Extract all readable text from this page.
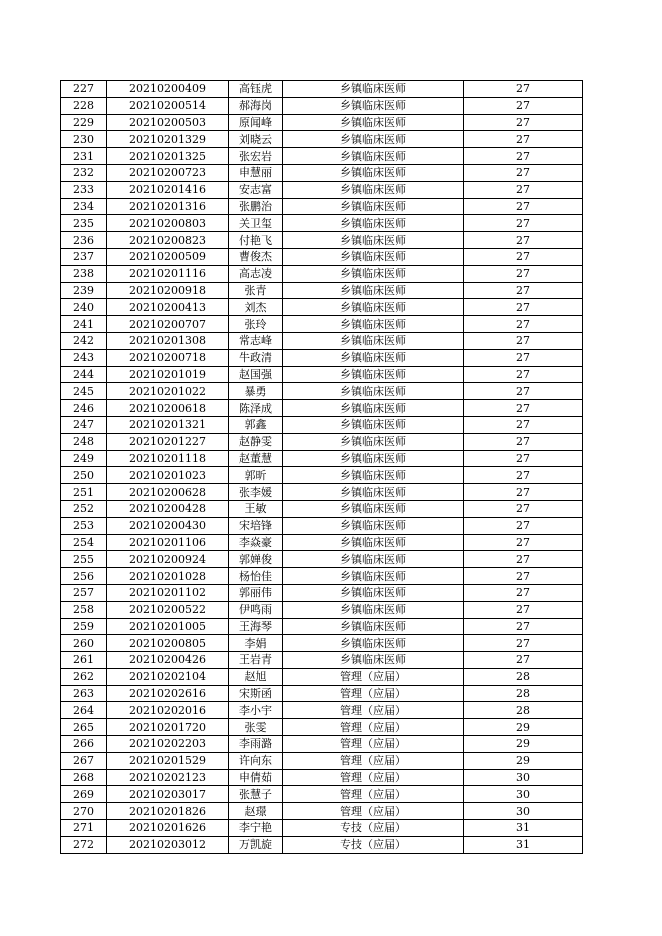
227	20210200409	高钰虎	乡镇临床医师	27
228	20210200514	郝海岗	乡镇临床医师	27
229	20210200503	原闻峰	乡镇临床医师	27
230	20210201329	刘晓云	乡镇临床医师	27
231	20210201325	张宏岩	乡镇临床医师	27
232	20210200723	申慧丽	乡镇临床医师	27
233	20210201416	安志富	乡镇临床医师	27
234	20210201316	张鹏治	乡镇临床医师	27
235	20210200803	关卫玺	乡镇临床医师	27
236	20210200823	付艳飞	乡镇临床医师	27
237	20210200509	曹俊杰	乡镇临床医师	27
238	20210201116	高志凌	乡镇临床医师	27
239	20210200918	张青	乡镇临床医师	27
240	20210200413	刘杰	乡镇临床医师	27
241	20210200707	张玲	乡镇临床医师	27
242	20210201308	常志峰	乡镇临床医师	27
243	20210200718	牛政清	乡镇临床医师	27
244	20210201019	赵国强	乡镇临床医师	27
245	20210201022	暴勇	乡镇临床医师	27
246	20210200618	陈泽成	乡镇临床医师	27
247	20210201321	郭鑫	乡镇临床医师	27
248	20210201227	赵静雯	乡镇临床医师	27
249	20210201118	赵董慧	乡镇临床医师	27
250	20210201023	郭昕	乡镇临床医师	27
251	20210200628	张李媛	乡镇临床医师	27
252	20210200428	王敏	乡镇临床医师	27
253	20210200430	宋培锋	乡镇临床医师	27
254	20210201106	李焱豪	乡镇临床医师	27
255	20210200924	郭婵俊	乡镇临床医师	27
256	20210201028	杨怡佳	乡镇临床医师	27
257	20210201102	郭丽伟	乡镇临床医师	27
258	20210200522	伊鸣雨	乡镇临床医师	27
259	20210201005	王海琴	乡镇临床医师	27
260	20210200805	李娟	乡镇临床医师	27
261	20210200426	王岩青	乡镇临床医师	27
262	20210202104	赵旭	管理（应届）	28
263	20210202616	宋斯函	管理（应届）	28
264	20210202016	李小宇	管理（应届）	28
265	20210201720	张雯	管理（应届）	29
266	20210202203	李雨潞	管理（应届）	29
267	20210201529	许向东	管理（应届）	29
268	20210202123	申倩茹	管理（应届）	30
269	20210203017	张慧子	管理（应届）	30
270	20210201826	赵璟	管理（应届）	30
271	20210201626	李宁艳	专技（应届）	31
272	20210203012	万凯旋	专技（应届）	31
